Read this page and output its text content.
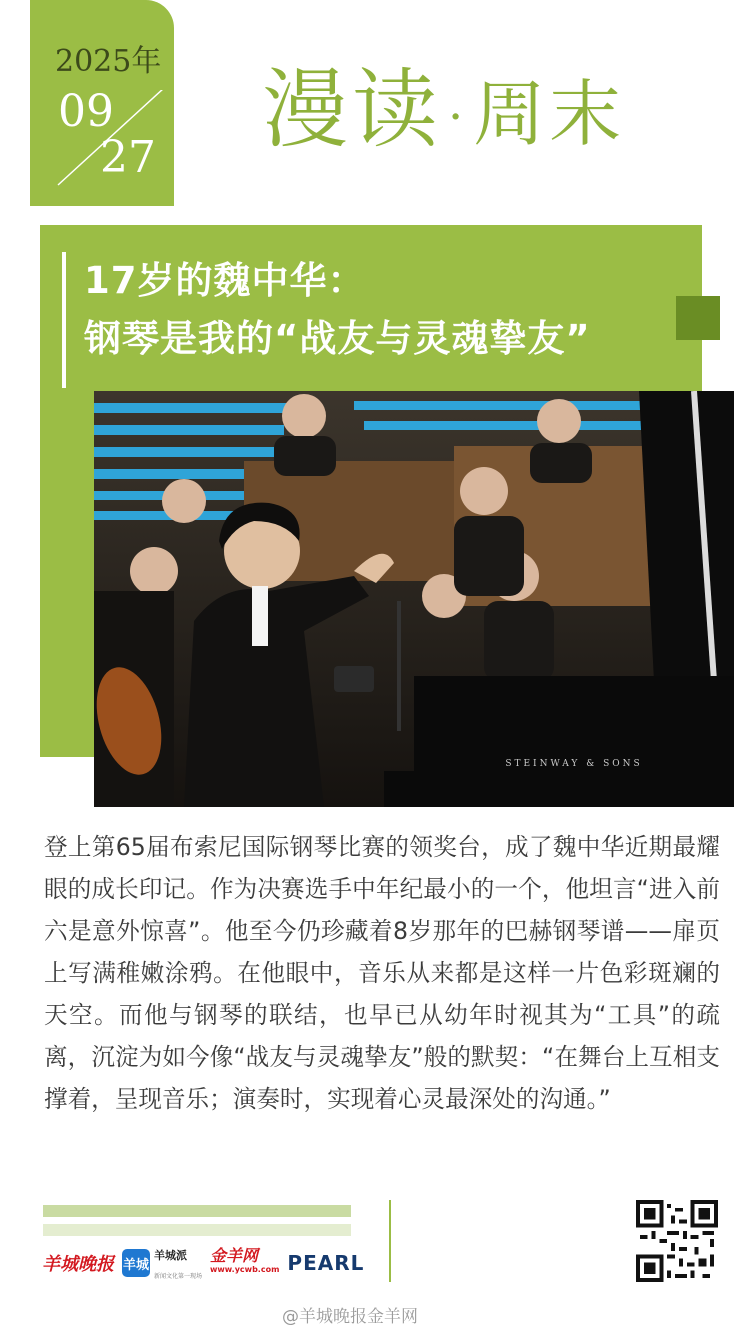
2025年
09
27 漫读 ·周末
17岁的魏中华：
钢琴是我的“战友与灵魂挚友”
STEINWAY & SONS
登上第65届布索尼国际钢琴比赛的领奖台，成了魏中华近期最耀眼的成长印记。作为决赛选手中年纪最小的一个，他坦言“进入前六是意外惊喜”。他至今仍珍藏着8岁那年的巴赫钢琴谱——扉页上写满稚嫩涂鸦。在他眼中，音乐从来都是这样一片色彩斑斓的天空。而他与钢琴的联结，也早已从幼年时视其为“工具”的疏离，沉淀为如今像“战友与灵魂挚友”般的默契：“在舞台上互相支撑着，呈现音乐；演奏时，实现着心灵最深处的沟通。”
羊城晚报 羊城
羊城派
新闻文化第一现场
金羊网
www.ycwb.com PEARL
@羊城晚报金羊网
